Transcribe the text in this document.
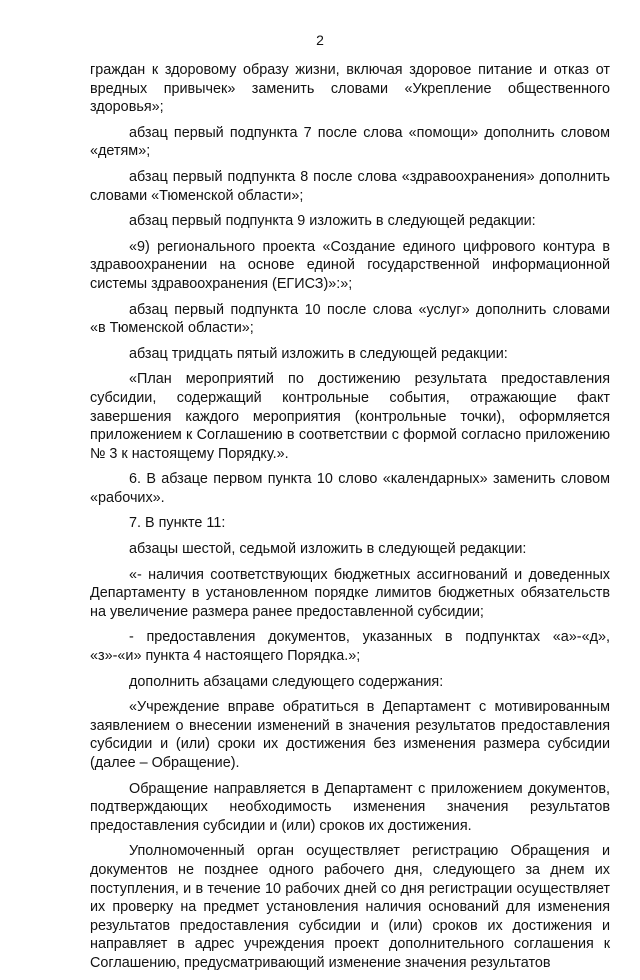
2

граждан к здоровому образу жизни, включая здоровое питание и отказ от вредных привычек» заменить словами «Укрепление общественного здоровья»;

абзац первый подпункта 7 после слова «помощи» дополнить словом «детям»;

абзац первый подпункта 8 после слова «здравоохранения» дополнить словами «Тюменской области»;

абзац первый подпункта 9 изложить в следующей редакции:

«9) регионального проекта «Создание единого цифрового контура в здравоохранении на основе единой государственной информационной системы здравоохранения (ЕГИСЗ)»:»;

абзац первый подпункта 10 после слова «услуг» дополнить словами «в Тюменской области»;

абзац тридцать пятый изложить в следующей редакции:

«План мероприятий по достижению результата предоставления субсидии, содержащий контрольные события, отражающие факт завершения каждого мероприятия (контрольные точки), оформляется приложением к Соглашению в соответствии с формой согласно приложению № 3 к настоящему Порядку.».

6. В абзаце первом пункта 10 слово «календарных» заменить словом «рабочих».

7. В пункте 11:

абзацы шестой, седьмой изложить в следующей редакции:

«- наличия соответствующих бюджетных ассигнований и доведенных Департаменту в установленном порядке лимитов бюджетных обязательств на увеличение размера ранее предоставленной субсидии;

- предоставления документов, указанных в подпунктах «а»-«д», «з»-«и» пункта 4 настоящего Порядка.»;

дополнить абзацами следующего содержания:

«Учреждение вправе обратиться в Департамент с мотивированным заявлением о внесении изменений в значения результатов предоставления субсидии и (или) сроки их достижения без изменения размера субсидии (далее – Обращение).

Обращение направляется в Департамент с приложением документов, подтверждающих необходимость изменения значения результатов предоставления субсидии и (или) сроков их достижения.

Уполномоченный орган осуществляет регистрацию Обращения и документов не позднее одного рабочего дня, следующего за днем их поступления, и в течение 10 рабочих дней со дня регистрации осуществляет их проверку на предмет установления наличия оснований для изменения результатов предоставления субсидии и (или) сроков их достижения и направляет в адрес учреждения проект дополнительного соглашения к Соглашению, предусматривающий изменение значения результатов
